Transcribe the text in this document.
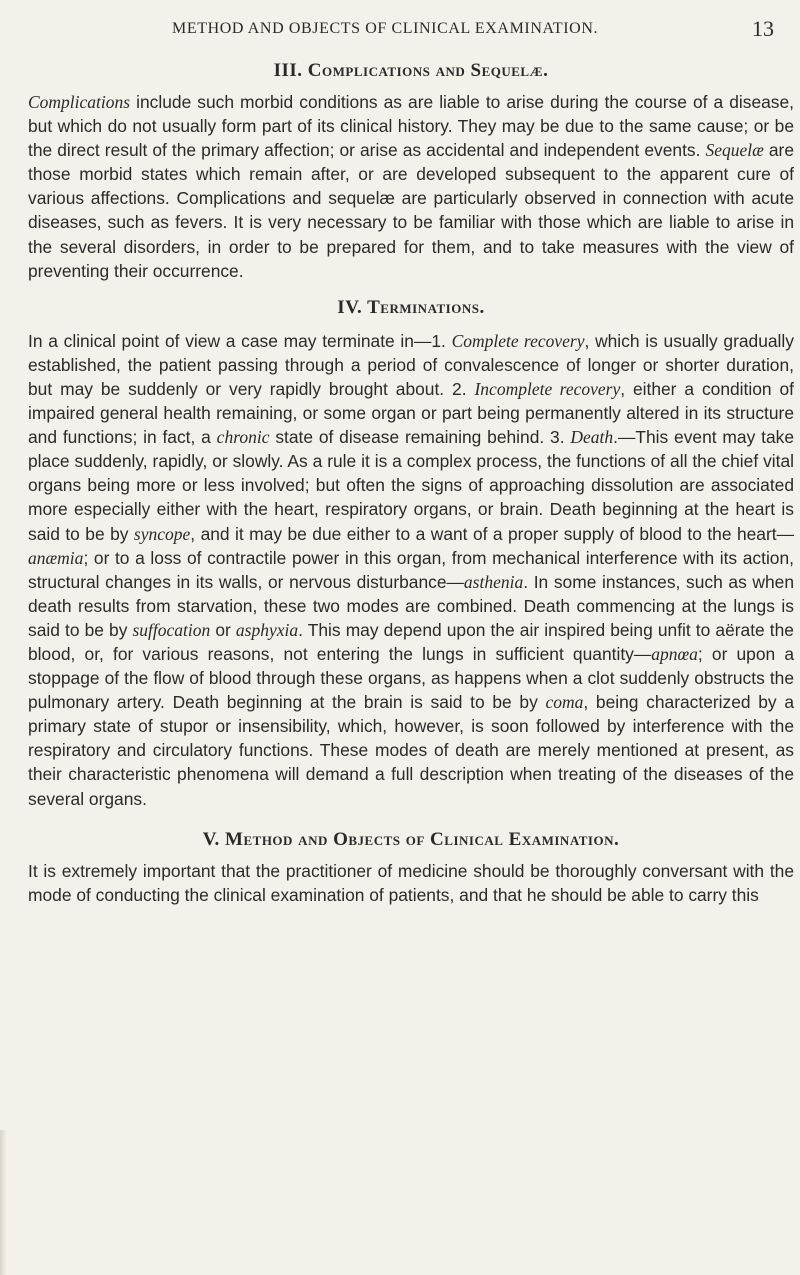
METHOD AND OBJECTS OF CLINICAL EXAMINATION.	13
III. Complications and Sequelæ.

Complications include such morbid conditions as are liable to arise during the course of a disease, but which do not usually form part of its clinical history. They may be due to the same cause; or be the direct result of the primary affection; or arise as accidental and independent events. Sequelæ are those morbid states which remain after, or are developed subsequent to the apparent cure of various affections. Complications and sequelæ are particularly observed in connection with acute diseases, such as fevers. It is very necessary to be familiar with those which are liable to arise in the several disorders, in order to be prepared for them, and to take measures with the view of preventing their occurrence.

IV. Terminations.

In a clinical point of view a case may terminate in—1. Complete recovery, which is usually gradually established, the patient passing through a period of convalescence of longer or shorter duration, but may be suddenly or very rapidly brought about. 2. Incomplete recovery, either a condition of impaired general health remaining, or some organ or part being permanently altered in its structure and functions; in fact, a chronic state of disease remaining behind. 3. Death.—This event may take place suddenly, rapidly, or slowly. As a rule it is a complex process, the functions of all the chief vital organs being more or less involved; but often the signs of approaching dissolution are associated more especially either with the heart, respiratory organs, or brain. Death beginning at the heart is said to be by syncope, and it may be due either to a want of a proper supply of blood to the heart—anæmia; or to a loss of contractile power in this organ, from mechanical interference with its action, structural changes in its walls, or nervous disturbance—asthenia. In some instances, such as when death results from starvation, these two modes are combined. Death commencing at the lungs is said to be by suffocation or asphyxia. This may depend upon the air inspired being unfit to aërate the blood, or, for various reasons, not entering the lungs in sufficient quantity—apnœa; or upon a stoppage of the flow of blood through these organs, as happens when a clot suddenly obstructs the pulmonary artery. Death beginning at the brain is said to be by coma, being characterized by a primary state of stupor or insensibility, which, however, is soon followed by interference with the respiratory and circulatory functions. These modes of death are merely mentioned at present, as their characteristic phenomena will demand a full description when treating of the diseases of the several organs.

V. Method and Objects of Clinical Examination.

It is extremely important that the practitioner of medicine should be thoroughly conversant with the mode of conducting the clinical examination of patients, and that he should be able to carry this
